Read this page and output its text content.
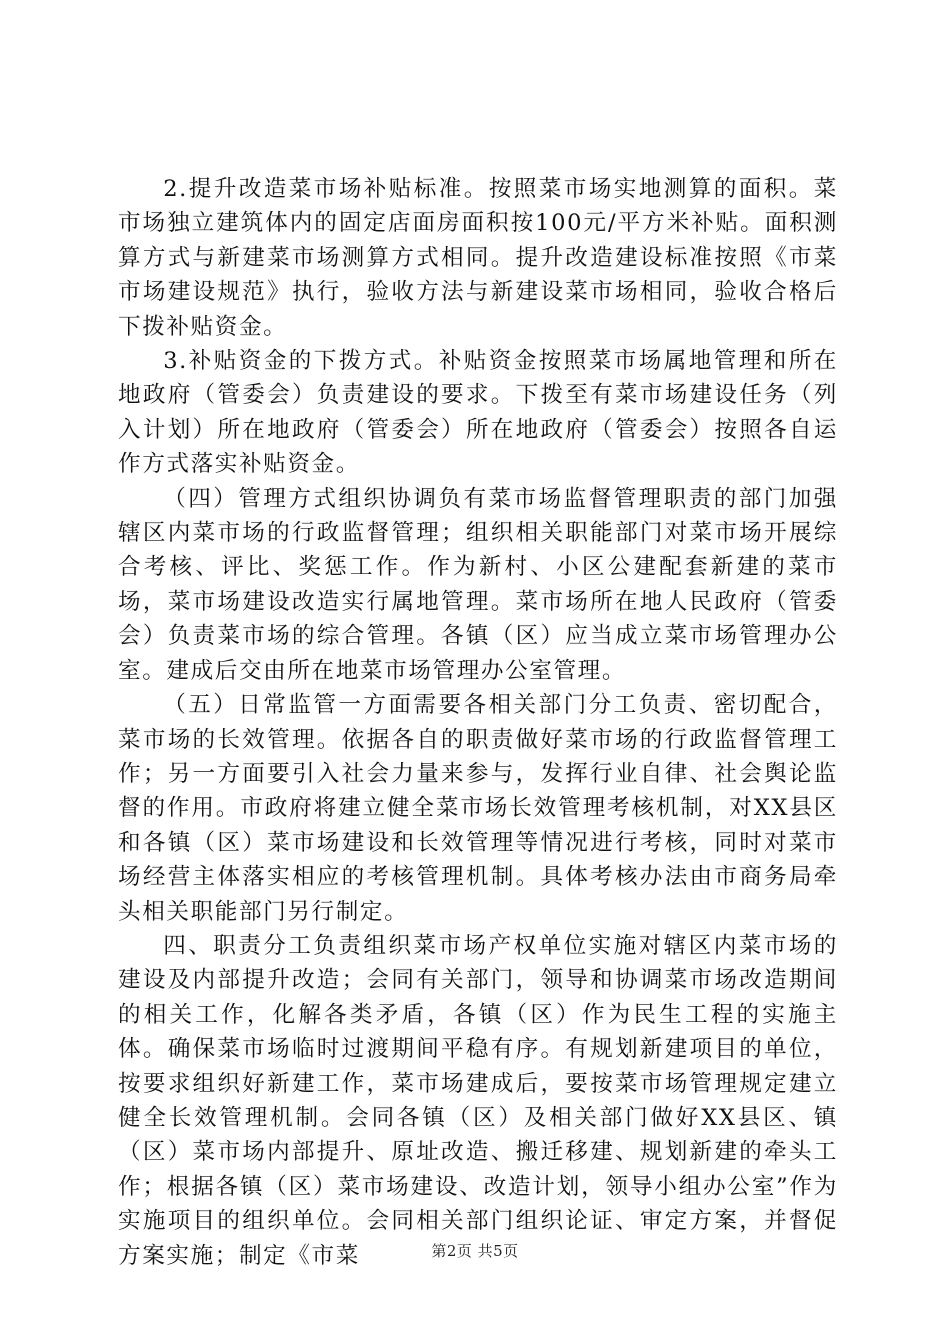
2.提升改造菜市场补贴标准。按照菜市场实地测算的面积。菜市场独立建筑体内的固定店面房面积按100元/平方米补贴。面积测算方式与新建菜市场测算方式相同。提升改造建设标准按照《市菜市场建设规范》执行，验收方法与新建设菜市场相同，验收合格后下拨补贴资金。

3.补贴资金的下拨方式。补贴资金按照菜市场属地管理和所在地政府（管委会）负责建设的要求。下拨至有菜市场建设任务（列入计划）所在地政府（管委会）所在地政府（管委会）按照各自运作方式落实补贴资金。

（四）管理方式组织协调负有菜市场监督管理职责的部门加强辖区内菜市场的行政监督管理；组织相关职能部门对菜市场开展综合考核、评比、奖惩工作。作为新村、小区公建配套新建的菜市场，菜市场建设改造实行属地管理。菜市场所在地人民政府（管委会）负责菜市场的综合管理。各镇（区）应当成立菜市场管理办公室。建成后交由所在地菜市场管理办公室管理。

（五）日常监管一方面需要各相关部门分工负责、密切配合，菜市场的长效管理。依据各自的职责做好菜市场的行政监督管理工作；另一方面要引入社会力量来参与，发挥行业自律、社会舆论监督的作用。市政府将建立健全菜市场长效管理考核机制，对XX县区和各镇（区）菜市场建设和长效管理等情况进行考核，同时对菜市场经营主体落实相应的考核管理机制。具体考核办法由市商务局牵头相关职能部门另行制定。

四、职责分工负责组织菜市场产权单位实施对辖区内菜市场的建设及内部提升改造；会同有关部门，领导和协调菜市场改造期间的相关工作，化解各类矛盾，各镇（区）作为民生工程的实施主体。确保菜市场临时过渡期间平稳有序。有规划新建项目的单位，按要求组织好新建工作，菜市场建成后，要按菜市场管理规定建立健全长效管理机制。会同各镇（区）及相关部门做好XX县区、镇（区）菜市场内部提升、原址改造、搬迁移建、规划新建的牵头工作；根据各镇（区）菜市场建设、改造计划，领导小组办公室”作为实施项目的组织单位。会同相关部门组织论证、审定方案，并督促方案实施；制定《市菜	第2页 共5页
